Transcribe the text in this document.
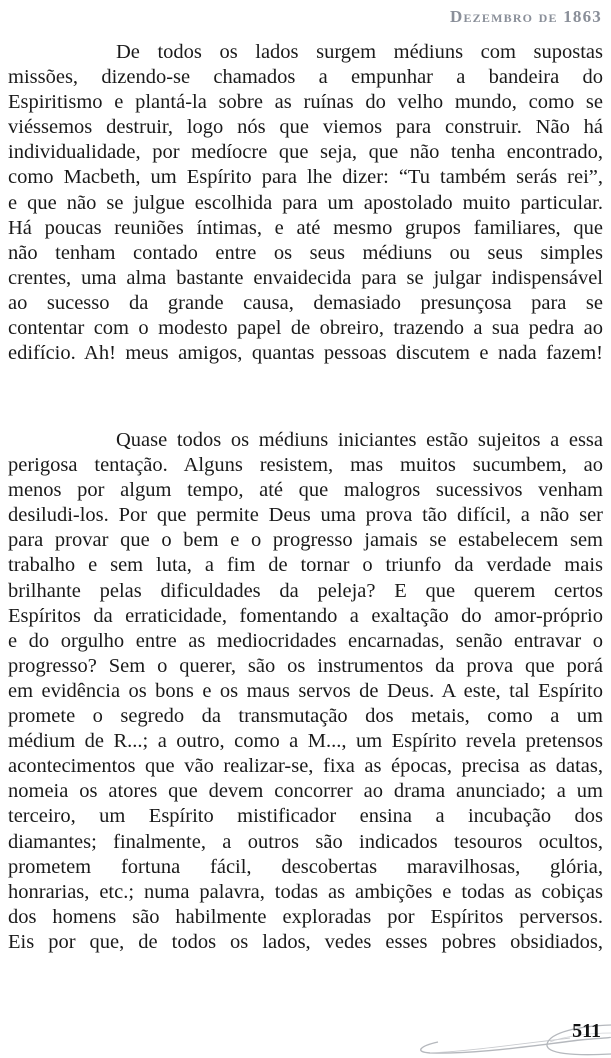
Dezembro de 1863
De todos os lados surgem médiuns com supostas
missões, dizendo-se chamados a empunhar a bandeira do
Espiritismo e plantá-la sobre as ruínas do velho mundo, como se
viéssemos destruir, logo nós que viemos para construir. Não há
individualidade, por medíocre que seja, que não tenha encontrado,
como Macbeth, um Espírito para lhe dizer: “Tu também serás rei”,
e que não se julgue escolhida para um apostolado muito particular.
Há poucas reuniões íntimas, e até mesmo grupos familiares, que
não tenham contado entre os seus médiuns ou seus simples
crentes, uma alma bastante envaidecida para se julgar indispensável
ao sucesso da grande causa, demasiado presunçosa para se
contentar com o modesto papel de obreiro, trazendo a sua pedra ao
edifício. Ah! meus amigos, quantas pessoas discutem e nada fazem!
Quase todos os médiuns iniciantes estão sujeitos a essa
perigosa tentação. Alguns resistem, mas muitos sucumbem, ao
menos por algum tempo, até que malogros sucessivos venham
desiludi-los. Por que permite Deus uma prova tão difícil, a não ser
para provar que o bem e o progresso jamais se estabelecem sem
trabalho e sem luta, a fim de tornar o triunfo da verdade mais
brilhante pelas dificuldades da peleja? E que querem certos
Espíritos da erraticidade, fomentando a exaltação do amor-próprio
e do orgulho entre as mediocridades encarnadas, senão entravar o
progresso? Sem o querer, são os instrumentos da prova que porá
em evidência os bons e os maus servos de Deus. A este, tal Espírito
promete o segredo da transmutação dos metais, como a um
médium de R...; a outro, como a M..., um Espírito revela pretensos
acontecimentos que vão realizar-se, fixa as épocas, precisa as datas,
nomeia os atores que devem concorrer ao drama anunciado; a um
terceiro, um Espírito mistificador ensina a incubação dos
diamantes; finalmente, a outros são indicados tesouros ocultos,
prometem fortuna fácil, descobertas maravilhosas, glória,
honrarias, etc.; numa palavra, todas as ambições e todas as cobiças
dos homens são habilmente exploradas por Espíritos perversos.
Eis por que, de todos os lados, vedes esses pobres obsidiados,
511
